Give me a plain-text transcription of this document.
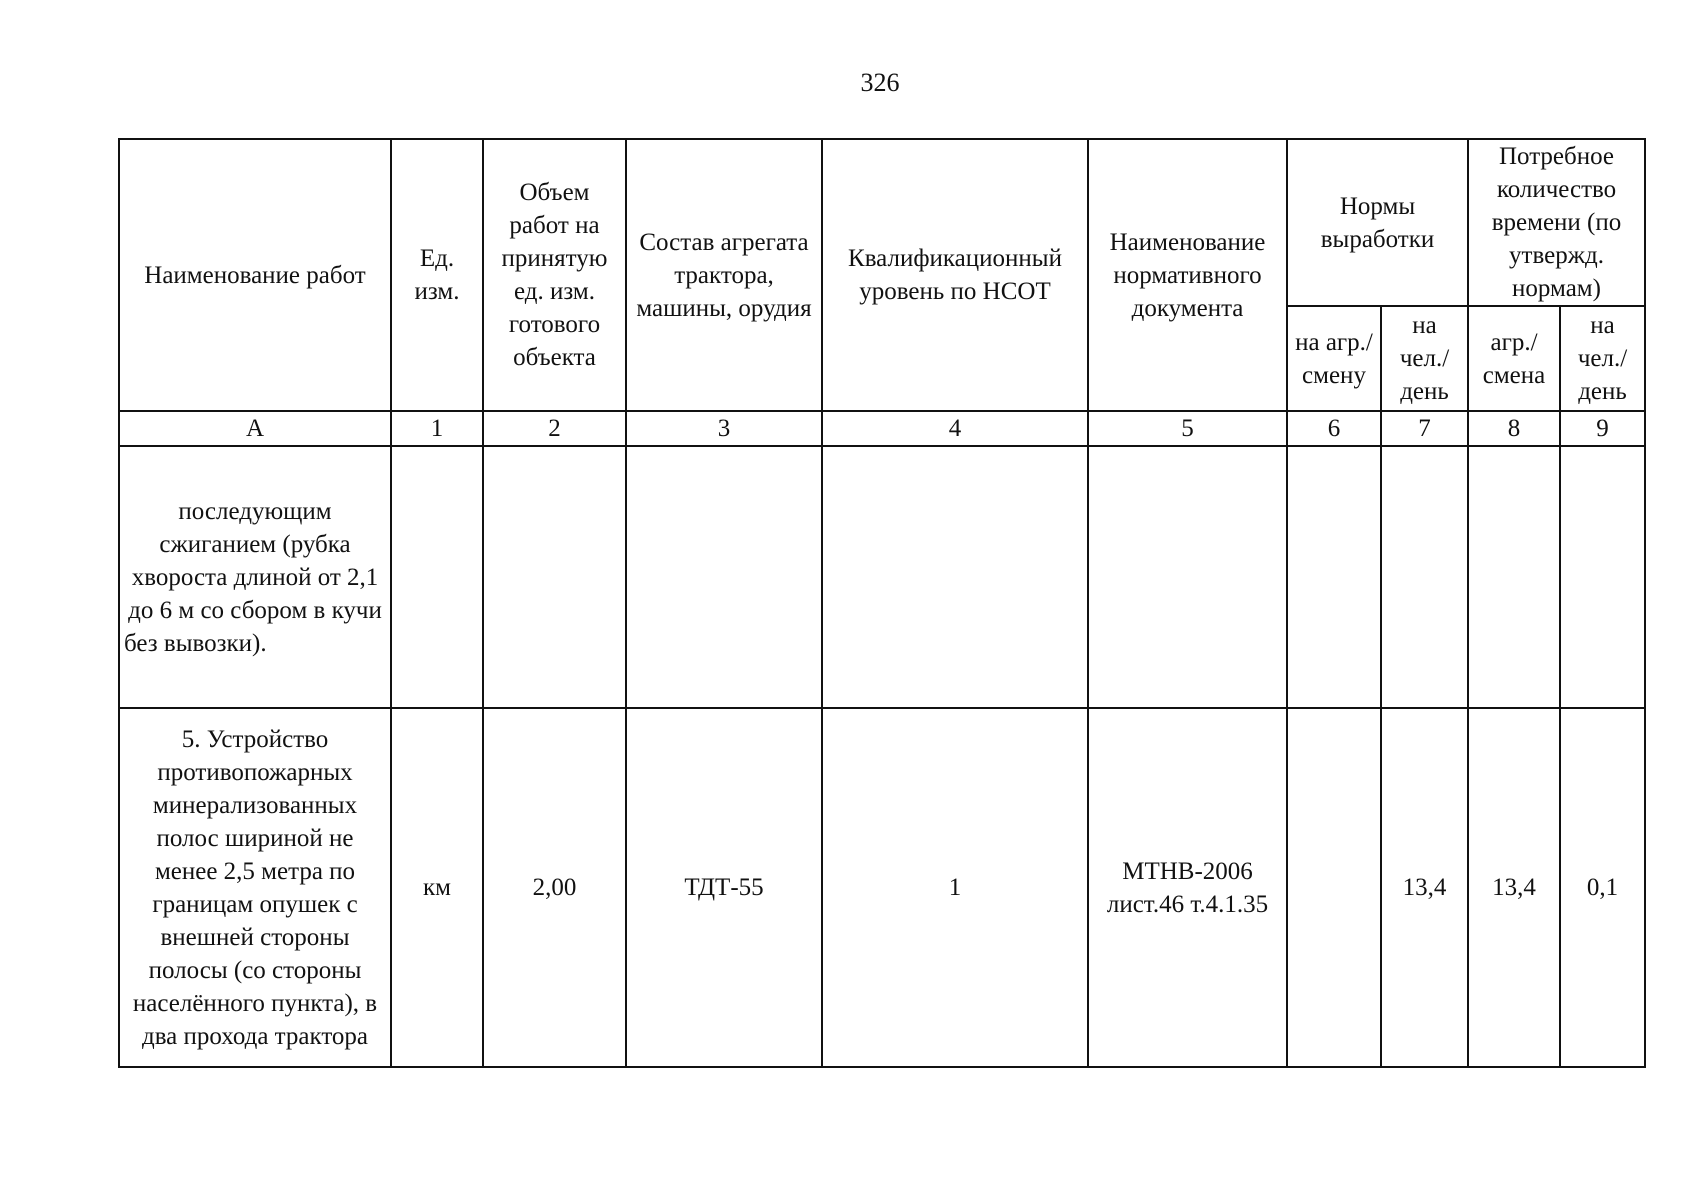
326
Наименование работ	Ед. изм.	Объем работ на принятую ед. изм. готового объекта	Состав агрегата трактора, машины, орудия	Квалификационный уровень по НСОТ	Наименование нормативного документа	Нормы выработки		Потребное количество времени (по утвержд. нормам)	
						на агр./ смену	на чел./ день	агр./ смена	на чел./ день
А	1	2	3	4	5	6	7	8	9
последующим сжиганием (рубка хвороста длиной от 2,1 до 6 м со сбором в кучи без вывозки).									
5. Устройство противопожарных минерализованных полос шириной не менее 2,5 метра по границам опушек с внешней стороны полосы (со стороны населённого пункта), в два прохода трактора	км	2,00	ТДТ-55	1	МТНВ-2006 лист.46 т.4.1.35		13,4	13,4	0,1
